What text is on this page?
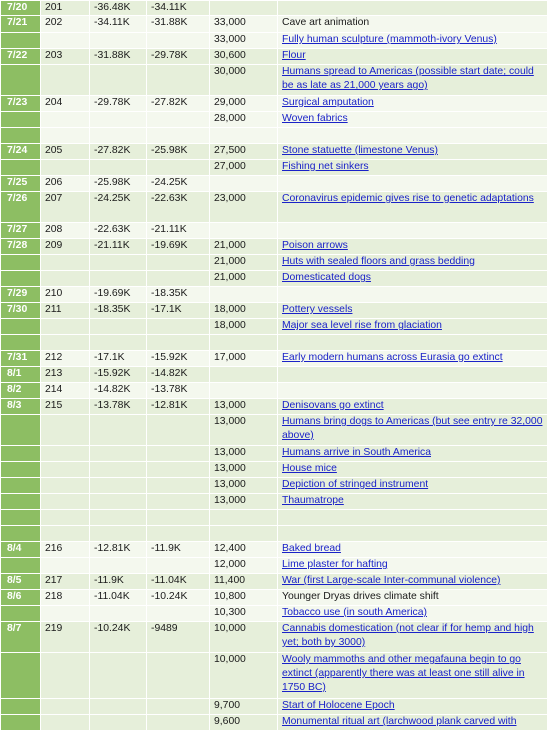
7/20	201	-36.48K	-34.11K		
7/21	202	-34.11K	-31.88K	33,000	Cave art animation
				33,000	Fully human sculpture (mammoth-ivory Venus)
7/22	203	-31.88K	-29.78K	30,600	Flour
				30,000	Humans spread to Americas (possible start date; could be as late as 21,000 years ago)
7/23	204	-29.78K	-27.82K	29,000	Surgical amputation
				28,000	Woven fabrics

7/24	205	-27.82K	-25.98K	27,500	Stone statuette (limestone Venus)
				27,000	Fishing net sinkers
7/25	206	-25.98K	-24.25K		
7/26	207	-24.25K	-22.63K	23,000	Coronavirus epidemic gives rise to genetic adaptations
7/27	208	-22.63K	-21.11K		
7/28	209	-21.11K	-19.69K	21,000	Poison arrows
				21,000	Huts with sealed floors and grass bedding
				21,000	Domesticated dogs
7/29	210	-19.69K	-18.35K		
7/30	211	-18.35K	-17.1K	18,000	Pottery vessels
				18,000	Major sea level rise from glaciation

7/31	212	-17.1K	-15.92K	17,000	Early modern humans across Eurasia go extinct
8/1	213	-15.92K	-14.82K		
8/2	214	-14.82K	-13.78K		
8/3	215	-13.78K	-12.81K	13,000	Denisovans go extinct
				13,000	Humans bring dogs to Americas (but see entry re 32,000 above)
				13,000	Humans arrive in South America
				13,000	House mice
				13,000	Depiction of stringed instrument
				13,000	Thaumatrope

8/4	216	-12.81K	-11.9K	12,400	Baked bread
				12,000	Lime plaster for hafting
8/5	217	-11.9K	-11.04K	11,400	War (first Large-scale Inter-communal violence)
8/6	218	-11.04K	-10.24K	10,800	Younger Dryas drives climate shift
				10,300	Tobacco use (in south America)
8/7	219	-10.24K	-9489	10,000	Cannabis domestication (not clear if for hemp and high yet; both by 3000)
				10,000	Wooly mammoths and other megafauna begin to go extinct (apparently there was at least one still alive in 1750 BC)
				9,700	Start of Holocene Epoch
				9,600	Monumental ritual art (larchwood plank carved with
